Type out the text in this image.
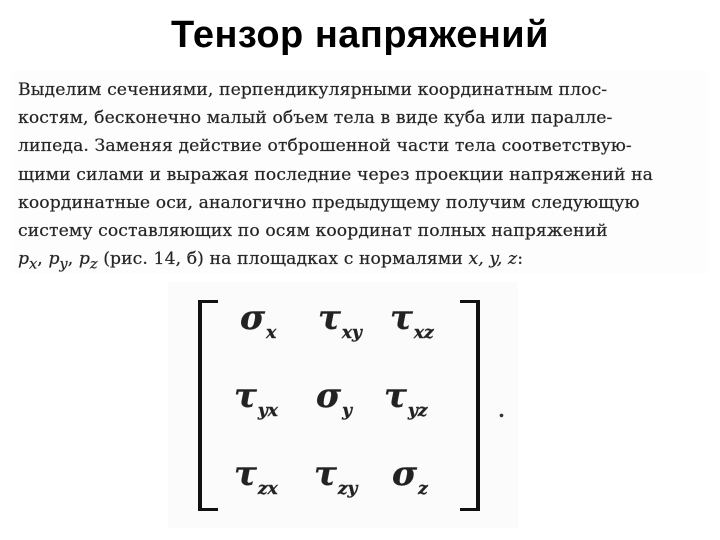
Тензор напряжений

Выделим сечениями, перпендикулярными координатным плос-
костям, бесконечно малый объем тела в виде куба или паралле-
липеда. Заменяя действие отброшенной части тела соответствую-
щими силами и выражая последние через проекции напряжений на
координатные оси, аналогично предыдущему получим следующую
систему составляющих по осям координат полных напряжений
$p_x$, $p_y$, $p_z$ (рис. 14, б) на площадках с нормалями x, y, z:

σx τxy τxz
τyx σy τyz
τzx τzy σz
.
